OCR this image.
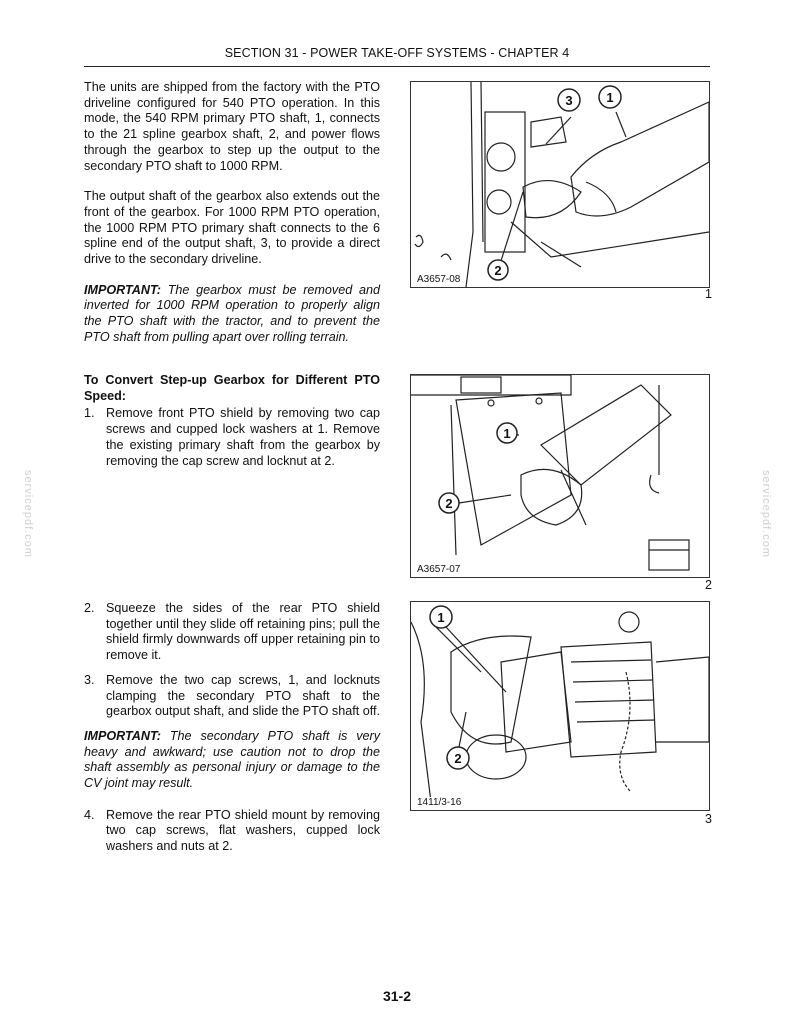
SECTION 31 - POWER TAKE-OFF SYSTEMS - CHAPTER 4

The units are shipped from the factory with the PTO driveline configured for 540 PTO operation. In this mode, the 540 RPM primary PTO shaft, 1, connects to the 21 spline gearbox shaft, 2, and power flows through the gearbox to step up the output to the secondary PTO shaft to 1000 RPM.

The output shaft of the gearbox also extends out the front of the gearbox. For 1000 RPM PTO operation, the 1000 RPM PTO primary shaft connects to the 6 spline end of the output shaft, 3, to provide a direct drive to the secondary driveline.

IMPORTANT: The gearbox must be removed and inverted for 1000 RPM operation to properly align the PTO shaft with the tractor, and to prevent the PTO shaft from pulling apart over rolling terrain.

To Convert Step-up Gearbox for Different PTO Speed:

1. Remove front PTO shield by removing two cap screws and cupped lock washers at 1. Remove the existing primary shaft from the gearbox by removing the cap screw and locknut at 2.
2. Squeeze the sides of the rear PTO shield together until they slide off retaining pins; pull the shield firmly downwards off upper retaining pin to remove it.
3. Remove the two cap screws, 1, and locknuts clamping the secondary PTO shaft to the gearbox output shaft, and slide the PTO shaft off.

IMPORTANT: The secondary PTO shaft is very heavy and awkward; use caution not to drop the shaft assembly as personal injury or damage to the CV joint may result.

4. Remove the rear PTO shield mount by removing two cap screws, flat washers, cupped lock washers and nuts at 2.
3	1
2
A3657-08
1
1
2
A3657-07
2
1
2
1411/3-16
3
servicepdf.com	servicepdf.com
31-2
